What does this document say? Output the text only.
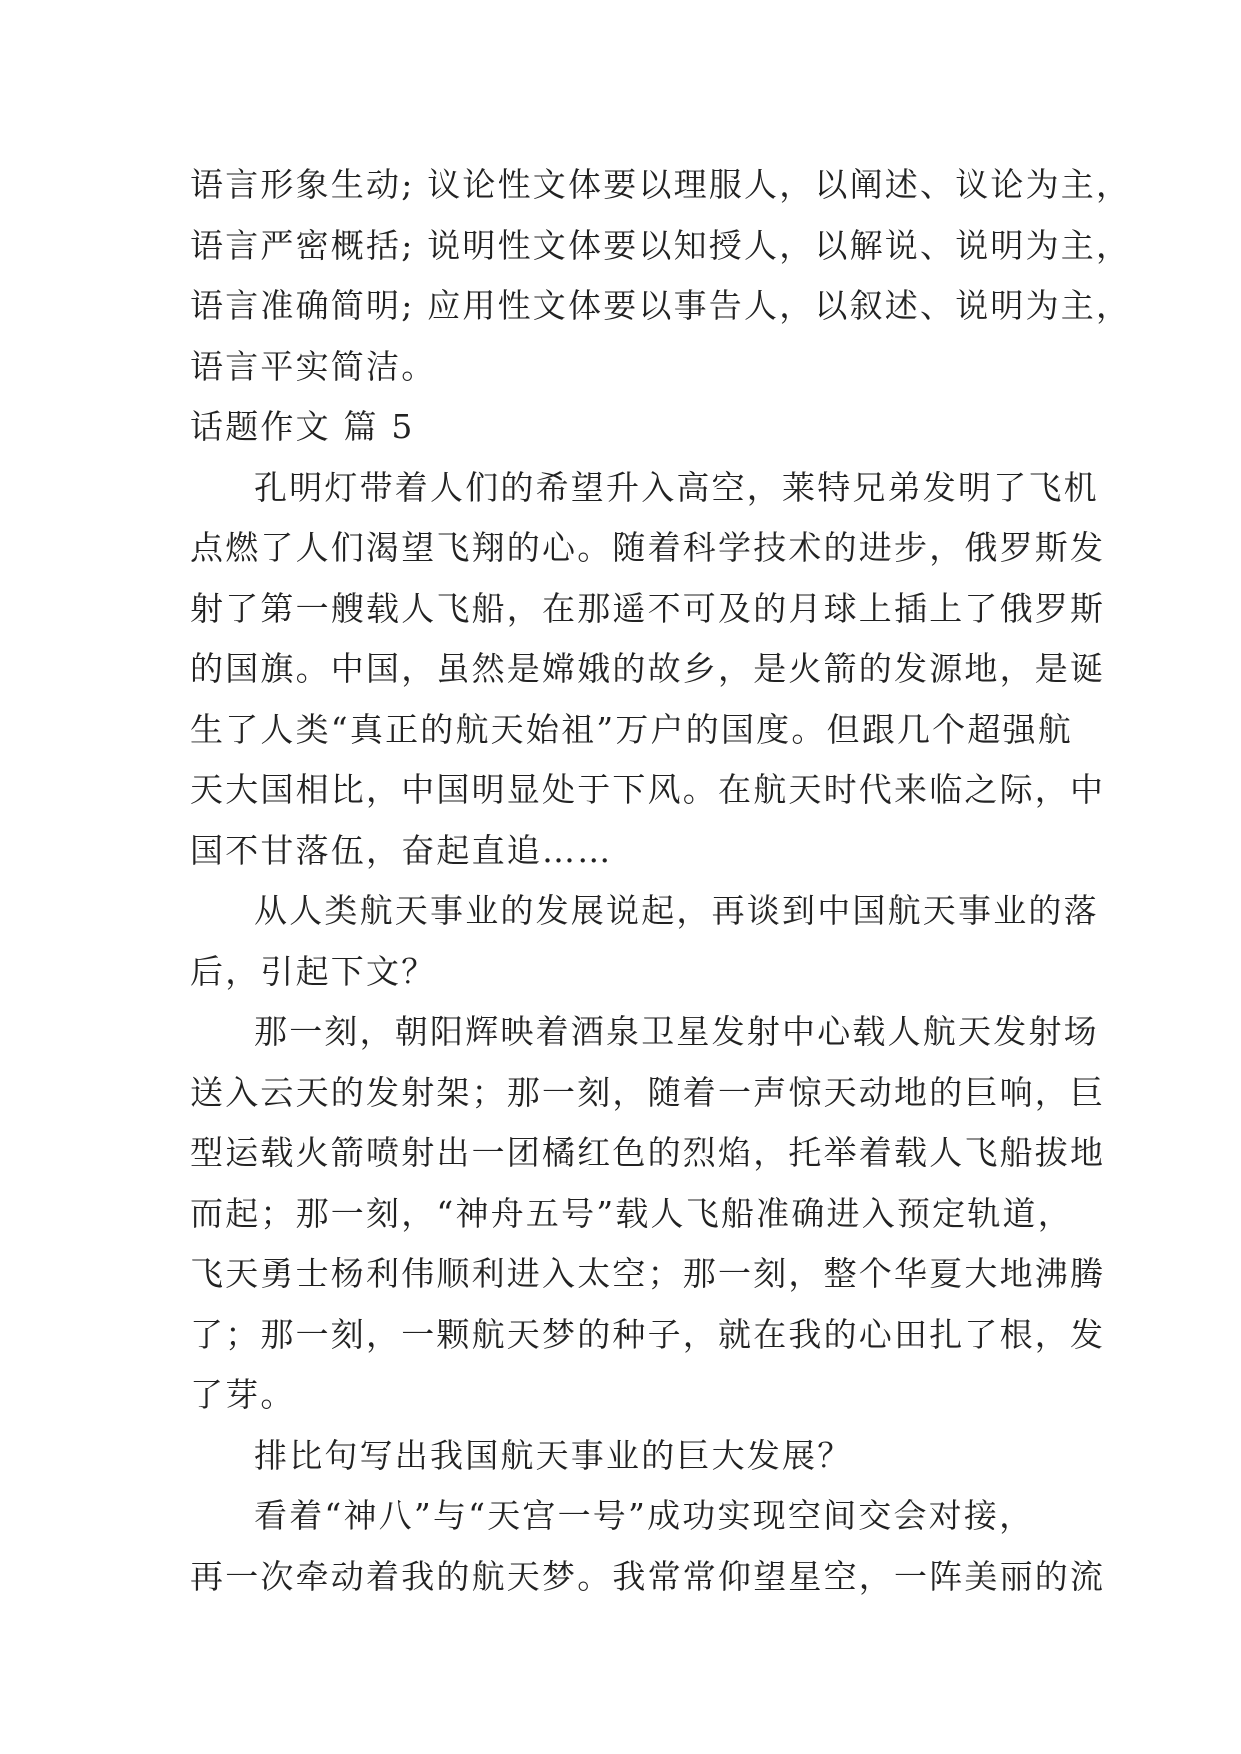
语言形象生动; 议论性文体要以理服人，以阐述、议论为主，
语言严密概括; 说明性文体要以知授人，以解说、说明为主，
语言准确简明; 应用性文体要以事告人，以叙述、说明为主，
语言平实简洁。
话题作文 篇 5
孔明灯带着人们的希望升入高空，莱特兄弟发明了飞机
点燃了人们渴望飞翔的心。随着科学技术的进步，俄罗斯发
射了第一艘载人飞船，在那遥不可及的月球上插上了俄罗斯
的国旗。中国，虽然是嫦娥的故乡，是火箭的发源地，是诞
生了人类“真正的航天始祖”万户的国度。但跟几个超强航
天大国相比，中国明显处于下风。在航天时代来临之际，中
国不甘落伍，奋起直追……
从人类航天事业的发展说起，再谈到中国航天事业的落
后，引起下文？
那一刻，朝阳辉映着酒泉卫星发射中心载人航天发射场
送入云天的发射架；那一刻，随着一声惊天动地的巨响，巨
型运载火箭喷射出一团橘红色的烈焰，托举着载人飞船拔地
而起；那一刻，“神舟五号”载人飞船准确进入预定轨道，
飞天勇士杨利伟顺利进入太空；那一刻，整个华夏大地沸腾
了；那一刻，一颗航天梦的种子，就在我的心田扎了根，发
了芽。
排比句写出我国航天事业的巨大发展？
看着“神八”与“天宫一号”成功实现空间交会对接，
再一次牵动着我的航天梦。我常常仰望星空，一阵美丽的流
